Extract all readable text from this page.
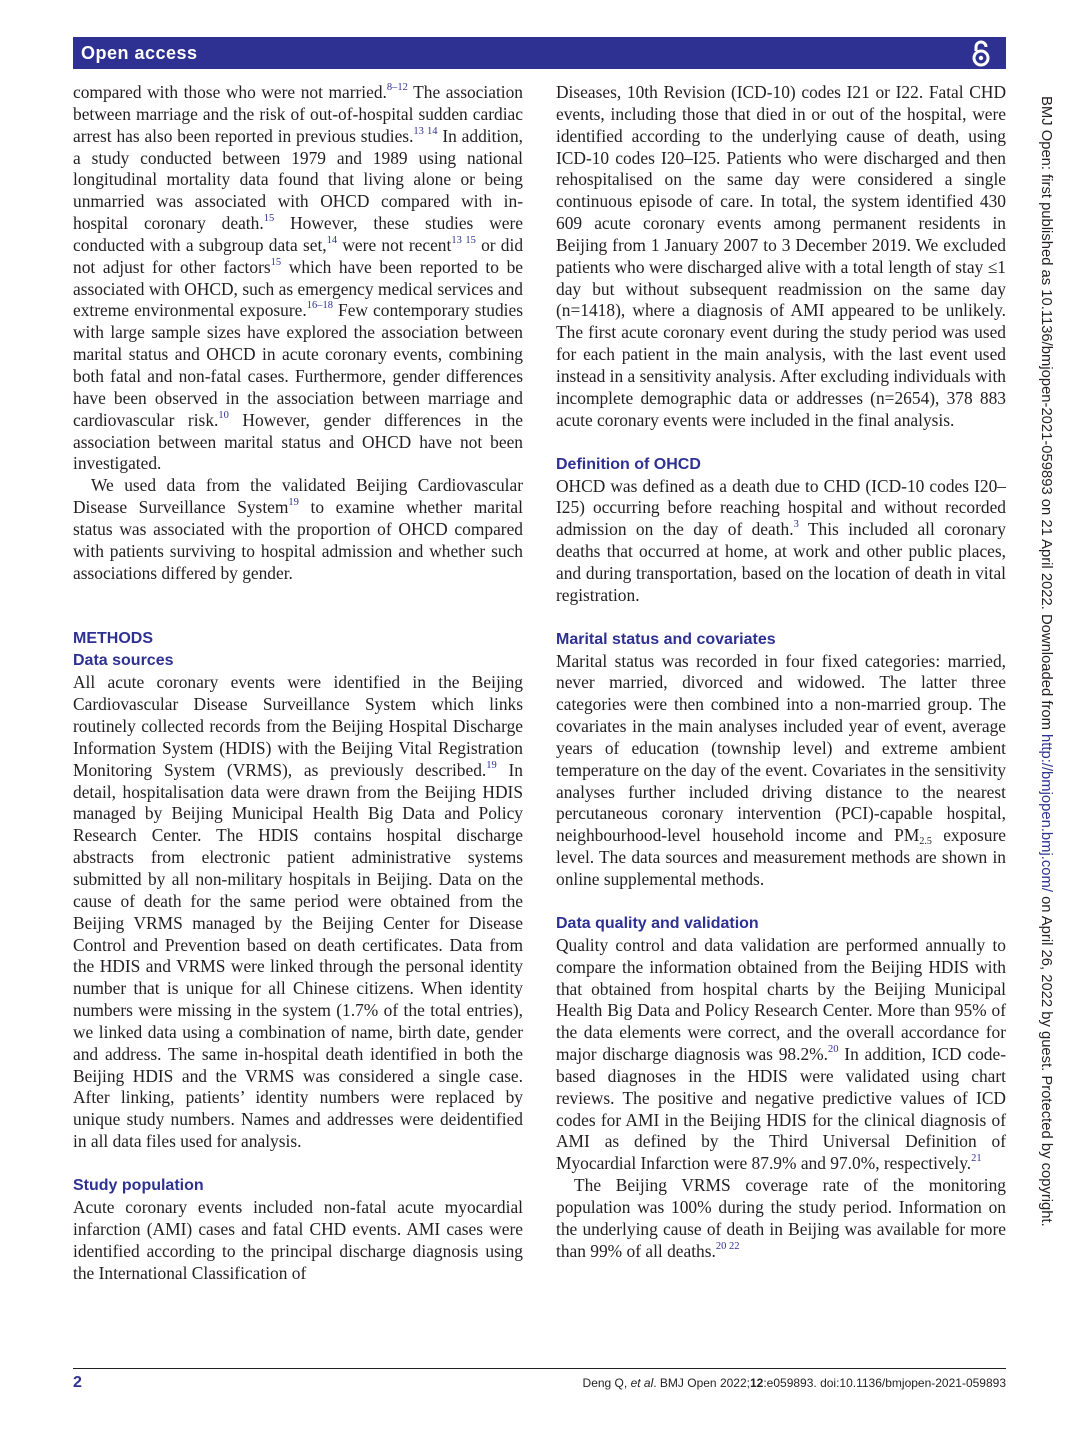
Open access

compared with those who were not married.$^{8-12}$ The association between marriage and the risk of out-of-hospital sudden cardiac arrest has also been reported in previous studies.$^{13 14}$ In addition, a study conducted between 1979 and 1989 using national longitudinal mortality data found that living alone or being unmarried was associated with OHCD compared with in-hospital coronary death.$^{15}$ However, these studies were conducted with a subgroup data set,$^{14}$ were not recent$^{13 15}$ or did not adjust for other factors$^{15}$ which have been reported to be associated with OHCD, such as emergency medical services and extreme environmental exposure.$^{16-18}$ Few contemporary studies with large sample sizes have explored the association between marital status and OHCD in acute coronary events, combining both fatal and non-fatal cases. Furthermore, gender differences have been observed in the association between marriage and cardiovascular risk.$^{10}$ However, gender differences in the association between marital status and OHCD have not been investigated.

We used data from the validated Beijing Cardiovascular Disease Surveillance System$^{19}$ to examine whether marital status was associated with the proportion of OHCD compared with patients surviving to hospital admission and whether such associations differed by gender.

METHODS
Data sources

All acute coronary events were identified in the Beijing Cardiovascular Disease Surveillance System which links routinely collected records from the Beijing Hospital Discharge Information System (HDIS) with the Beijing Vital Registration Monitoring System (VRMS), as previously described.$^{19}$ In detail, hospitalisation data were drawn from the Beijing HDIS managed by Beijing Municipal Health Big Data and Policy Research Center. The HDIS contains hospital discharge abstracts from electronic patient administrative systems submitted by all non-military hospitals in Beijing. Data on the cause of death for the same period were obtained from the Beijing VRMS managed by the Beijing Center for Disease Control and Prevention based on death certificates. Data from the HDIS and VRMS were linked through the personal identity number that is unique for all Chinese citizens. When identity numbers were missing in the system (1.7% of the total entries), we linked data using a combination of name, birth date, gender and address. The same in-hospital death identified in both the Beijing HDIS and the VRMS was considered a single case. After linking, patients’ identity numbers were replaced by unique study numbers. Names and addresses were deidentified in all data files used for analysis.

Study population

Acute coronary events included non-fatal acute myocardial infarction (AMI) cases and fatal CHD events. AMI cases were identified according to the principal discharge diagnosis using the International Classification of

Diseases, 10th Revision (ICD-10) codes I21 or I22. Fatal CHD events, including those that died in or out of the hospital, were identified according to the underlying cause of death, using ICD-10 codes I20–I25. Patients who were discharged and then rehospitalised on the same day were considered a single continuous episode of care. In total, the system identified 430 609 acute coronary events among permanent residents in Beijing from 1 January 2007 to 3 December 2019. We excluded patients who were discharged alive with a total length of stay ≤1 day but without subsequent readmission on the same day (n=1418), where a diagnosis of AMI appeared to be unlikely. The first acute coronary event during the study period was used for each patient in the main analysis, with the last event used instead in a sensitivity analysis. After excluding individuals with incomplete demographic data or addresses (n=2654), 378 883 acute coronary events were included in the final analysis.

Definition of OHCD

OHCD was defined as a death due to CHD (ICD-10 codes I20–I25) occurring before reaching hospital and without recorded admission on the day of death.$^3$ This included all coronary deaths that occurred at home, at work and other public places, and during transportation, based on the location of death in vital registration.

Marital status and covariates

Marital status was recorded in four fixed categories: married, never married, divorced and widowed. The latter three categories were then combined into a non-married group. The covariates in the main analyses included year of event, average years of education (township level) and extreme ambient temperature on the day of the event. Covariates in the sensitivity analyses further included driving distance to the nearest percutaneous coronary intervention (PCI)-capable hospital, neighbourhood-level household income and $PM_{2.5}$ exposure level. The data sources and measurement methods are shown in online supplemental methods.

Data quality and validation

Quality control and data validation are performed annually to compare the information obtained from the Beijing HDIS with that obtained from hospital charts by the Beijing Municipal Health Big Data and Policy Research Center. More than 95% of the data elements were correct, and the overall accordance for major discharge diagnosis was 98.2%.$^{20}$ In addition, ICD code-based diagnoses in the HDIS were validated using chart reviews. The positive and negative predictive values of ICD codes for AMI in the Beijing HDIS for the clinical diagnosis of AMI as defined by the Third Universal Definition of Myocardial Infarction were 87.9% and 97.0%, respectively.$^{21}$

The Beijing VRMS coverage rate of the monitoring population was 100% during the study period. Information on the underlying cause of death in Beijing was available for more than 99% of all deaths.$^{20 22}$

2	Deng Q, et al. BMJ Open 2022;12:e059893. doi:10.1136/bmjopen-2021-059893
BMJ Open: first published as 10.1136/bmjopen-2021-059893 on 21 April 2022. Downloaded from http://bmjopen.bmj.com/ on April 26, 2022 by guest. Protected by copyright.
